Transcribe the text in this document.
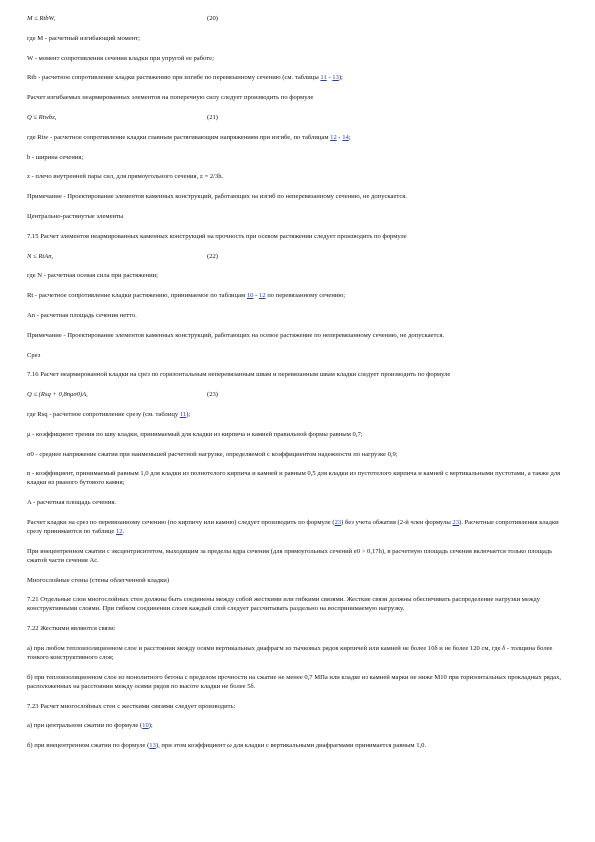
M ≤ RtbW,	(20)
где M - расчетный изгибающий момент;
W - момент сопротивления сечения кладки при упругой ее работе;
Rtb - расчетное сопротивление кладки растяжению при изгибе по перевязанному сечению (см. таблицы 11 - 13);
Расчет изгибаемых неармированных элементов на поперечную силу следует производить по формуле
Q ≤ Rtwbz,	(21)
где Rtw - расчетное сопротивление кладки главным растягивающим напряжениям при изгибе, по таблицам 12 - 14;
b - ширина сечения;
z - плечо внутренней пары сил, для прямоугольного сечения, z = 2/3h.
Примечание - Проектирование элементов каменных конструкций, работающих на изгиб по неперевязанному сечению, не допускается.
Центрально-растянутые элементы
7.15 Расчет элементов неармированных каменных конструкций на прочность при осевом растяжении следует производить по формуле
N ≤ RtAn,	(22)
где N - расчетная осевая сила при растяжении;
Rt - расчетное сопротивление кладки растяжению, принимаемое по таблицам 10 - 12 по перевязанному сечению;
An - расчетная площадь сечения нетто.
Примечание - Проектирование элементов каменных конструкций, работающих на осевое растяжение по неперевязанному сечению, не допускается.
Срез
7.16 Расчет неармированной кладки на срез по горизонтальным неперевязанным швам и перевязанным швам кладки следует производить по формуле
Q ≤ (Rsq + 0,8nμσ0)A,	(23)
где Rsq - расчетное сопротивление срезу (см. таблицу 11);
μ - коэффициент трения по шву кладки, принимаемый для кладки из кирпича и камней правильной формы равным 0,7;
σ0 - среднее напряжение сжатия при наименьшей расчетной нагрузке, определяемой с коэффициентом надежности по нагрузке 0,9;
n - коэффициент, принимаемый равным 1,0 для кладки из полнотелого кирпича и камней и равным 0,5 для кладки из пустотелого кирпича и камней с вертикальными пустотами, а также для кладки из рваного бутового камня;
A - расчетная площадь сечения.
Расчет кладки на срез по перевязанному сечению (по кирпичу или камню) следует производить по формуле (23) без учета обжатия (2-й член формулы 23). Расчетные сопротивления кладки срезу принимаются по таблице 12.
При внецентренном сжатии с эксцентриситетом, выходящим за пределы ядра сечения (для прямоугольных сечений e0 > 0,17h), в расчетную площадь сечения включается только площадь сжатой части сечения Ac.
Многослойные стены (стены облегченной кладки)
7.21 Отдельные слои многослойных стен должны быть соединены между собой жесткими или гибкими связями. Жесткие связи должны обеспечивать распределение нагрузки между конструктивными слоями. При гибком соединении слоев каждый слой следует рассчитывать раздельно на воспринимаемую нагрузку.
7.22 Жесткими являются связи:
а) при любом теплоизоляционном слое и расстоянии между осями вертикальных диафрагм из тычковых рядов кирпичей или камней не более 10δ и не более 120 см, где δ - толщина более тонкого конструктивного слоя;
б) при теплоизоляционном слое из монолитного бетона с пределом прочности на сжатие не менее 0,7 МПа или кладке из камней марки не ниже М10 при горизонтальных прокладных рядах, расположенных на расстоянии между осями рядов по высоте кладки не более 5δ.
7.23 Расчет многослойных стен с жесткими связями следует производить:
а) при центральном сжатии по формуле (10);
б) при внецентренном сжатии по формуле (13), при этом коэффициент ω для кладки с вертикальными диафрагмами принимается равным 1,0.
